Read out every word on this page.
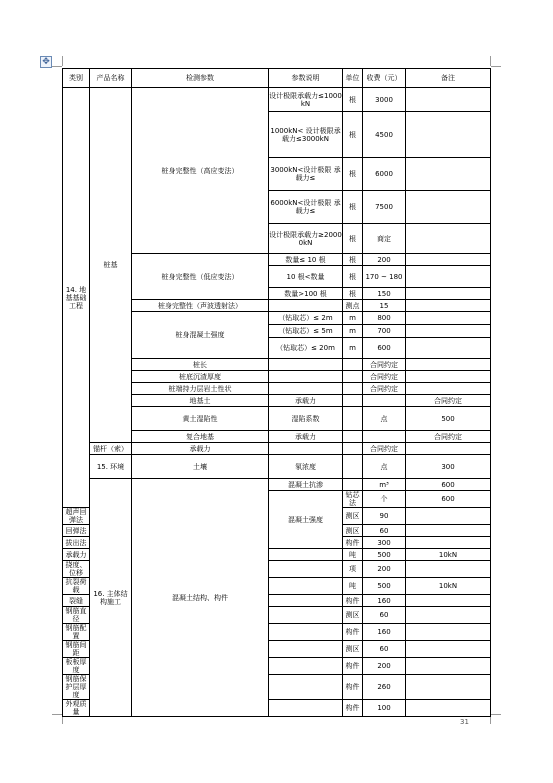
✥
类别	产品名称	检测参数	参数说明	单位	收费（元）	备注	
14. 地基基础工程	桩基	桩身完整性（高应变法）	设计极限承载力≤1000kN	根	3000		
			1000kN< 设计极限承载力≤3000kN	根	4500		
			3000kN<设计极限 承载力≤	根	6000		
			6000kN<设计极限 承载力≤	根	7500		
			设计极限承载力≥20000kN	根	商定		
		桩身完整性（低应变法）	数量≤ 10 根	根	200		
			10 根<数量	根	170 ~ 180		
			数量>100 根	根	150		
		桩身完整性（声波透射法）		测点	15		
		桩身混凝土强度	（钻取芯）≤ 2m	m	800		
			（钻取芯）≤ 5m	m	700		
			（钻取芯）≤ 20m	m	600		
		桩长			合同约定		
		桩底沉渣厚度			合同约定		
		桩端持力层岩土性状			合同约定		
		地基土	承载力			合同约定	
		黄土湿陷性	湿陷系数		点	500	
		复合地基	承载力			合同约定	
	锚杆（索）	承载力			合同约定		
	15. 环境	土壤	氡浓度		点	300	
	16. 主体结构施工	混凝土结构、构件	混凝土抗渗		m³	600	
			混凝土强度	钻芯法	个	600	
超声回弹法				测区	90		
回弹法				测区	60		
拔出法				构件	300		
承载力				吨	500	10kN	
挠度、位移				项	200		
抗裂荷载				吨	500	10kN	
裂缝				构件	160		
钢筋直径				测区	60		
钢筋配置				构件	160		
钢筋间距				测区	60		
板板厚度				构件	200		
钢筋保护层厚度				构件	260		
外观质量				构件	100		
31
